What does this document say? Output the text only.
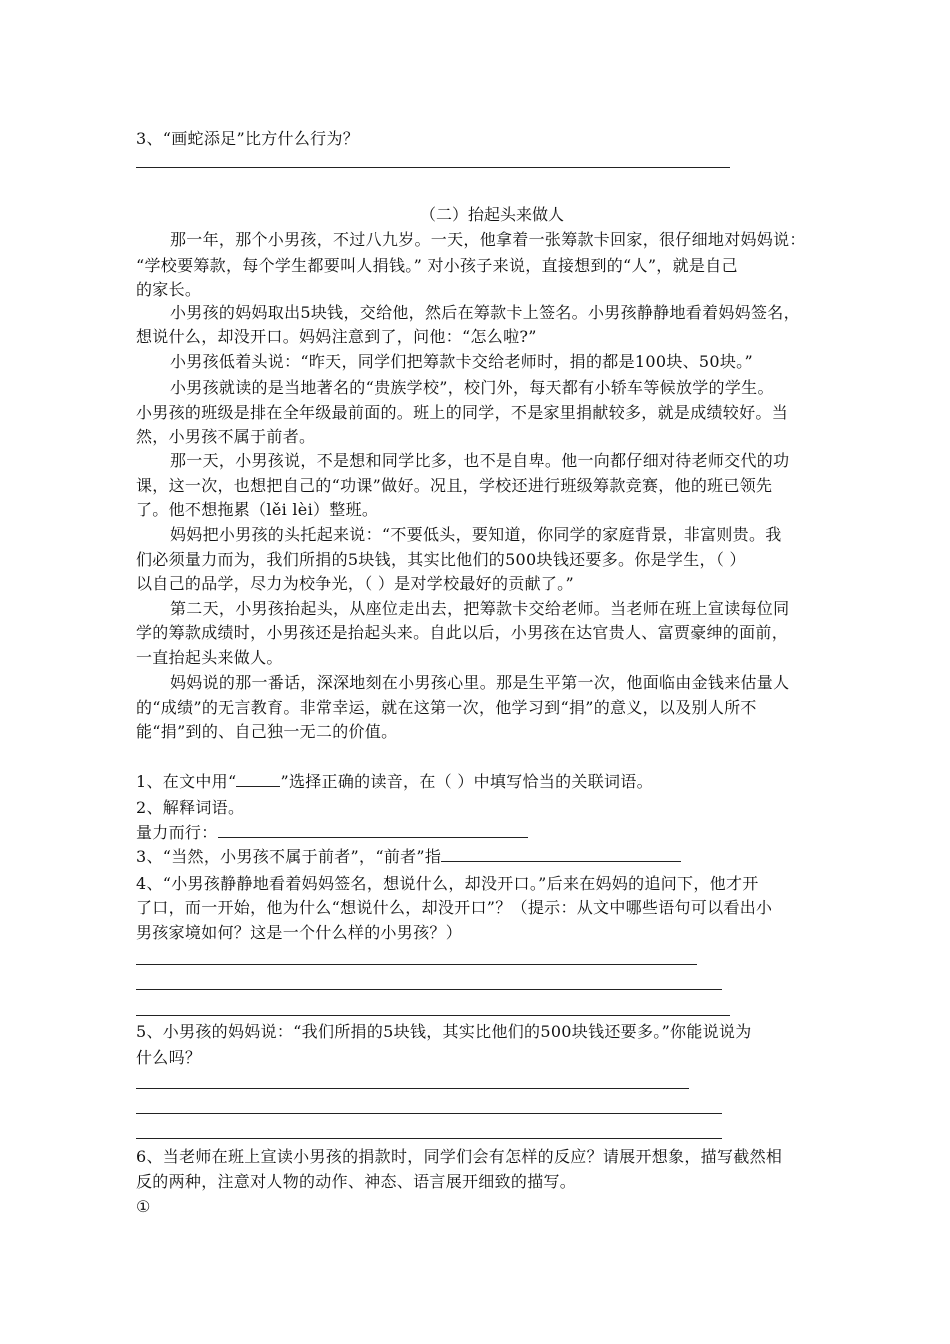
3、“画蛇添足”比方什么行为？
（二）抬起头来做人
那一年，那个小男孩，不过八九岁。一天，他拿着一张筹款卡回家，很仔细地对妈妈说：
“学校要筹款，每个学生都要叫人捐钱。” 对小孩子来说，直接想到的“人”，就是自己
的家长。
小男孩的妈妈取出5块钱，交给他，然后在筹款卡上签名。小男孩静静地看着妈妈签名，
想说什么，却没开口。妈妈注意到了，问他：“怎么啦?”
小男孩低着头说：“昨天，同学们把筹款卡交给老师时，捐的都是100块、50块。”
小男孩就读的是当地著名的“贵族学校”，校门外，每天都有小轿车等候放学的学生。
小男孩的班级是排在全年级最前面的。班上的同学，不是家里捐献较多，就是成绩较好。当
然，小男孩不属于前者。
那一天，小男孩说，不是想和同学比多，也不是自卑。他一向都仔细对待老师交代的功
课，这一次，也想把自己的“功课”做好。况且，学校还进行班级筹款竞赛，他的班已领先
了。他不想拖累（lěi lèi）整班。
妈妈把小男孩的头托起来说：“不要低头，要知道，你同学的家庭背景，非富则贵。我
们必须量力而为，我们所捐的5块钱，其实比他们的500块钱还要多。你是学生，（ ）
以自己的品学，尽力为校争光，（ ）是对学校最好的贡献了。”
第二天，小男孩抬起头，从座位走出去，把筹款卡交给老师。当老师在班上宣读每位同
学的筹款成绩时，小男孩还是抬起头来。自此以后，小男孩在达官贵人、富贾豪绅的面前，
一直抬起头来做人。
妈妈说的那一番话，深深地刻在小男孩心里。那是生平第一次，他面临由金钱来估量人
的“成绩”的无言教育。非常幸运，就在这第一次，他学习到“捐”的意义，以及别人所不
能“捐”到的、自己独一无二的价值。
1、在文中用“	”选择正确的读音，在（ ）中填写恰当的关联词语。
2、解释词语。
量力而行：
3、“当然，小男孩不属于前者”，“前者”指
4、“小男孩静静地看着妈妈签名，想说什么，却没开口。”后来在妈妈的追问下，他才开
了口，而一开始，他为什么“想说什么，却没开口”？（提示：从文中哪些语句可以看出小
男孩家境如何？这是一个什么样的小男孩？）
5、小男孩的妈妈说：“我们所捐的5块钱，其实比他们的500块钱还要多。”你能说说为
什么吗？
6、当老师在班上宣读小男孩的捐款时，同学们会有怎样的反应？请展开想象，描写截然相
反的两种，注意对人物的动作、神态、语言展开细致的描写。
①
